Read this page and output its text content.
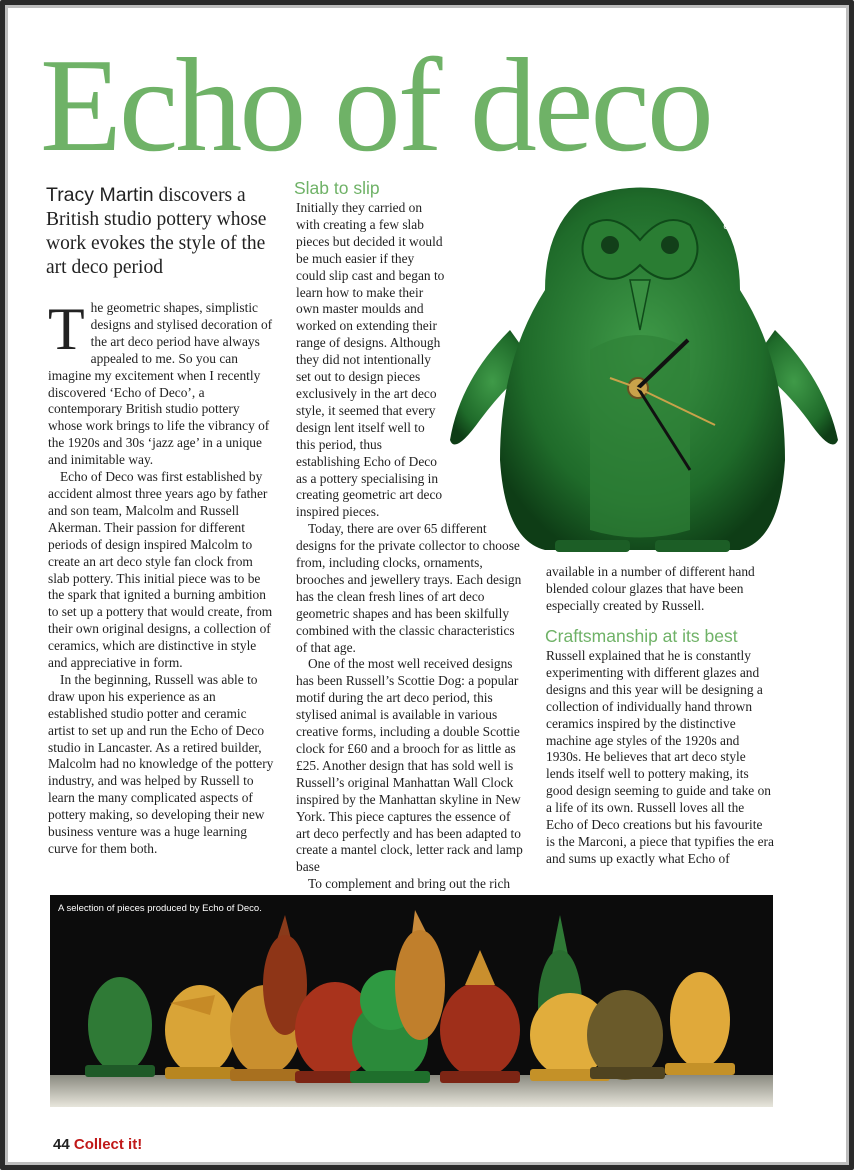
Echo of deco
Tracy Martin discovers a British studio pottery whose work evokes the style of the art deco period

The geometric shapes, simplistic designs and stylised decoration of the art deco period have always appealed to me. So you can imagine my excitement when I recently discovered ‘Echo of Deco’, a contemporary British studio pottery whose work brings to life the vibrancy of the 1920s and 30s ‘jazz age’ in a unique and inimitable way.

Echo of Deco was first established by accident almost three years ago by father and son team, Malcolm and Russell Akerman. Their passion for different periods of design inspired Malcolm to create an art deco style fan clock from slab pottery. This initial piece was to be the spark that ignited a burning ambition to set up a pottery that would create, from their own original designs, a collection of ceramics, which are distinctive in style and appreciative in form.

In the beginning, Russell was able to draw upon his experience as an established studio potter and ceramic artist to set up and run the Echo of Deco studio in Lancaster. As a retired builder, Malcolm had no knowledge of the pottery industry, and was helped by Russell to learn the many complicated aspects of pottery making, so developing their new business venture was a huge learning curve for them both.

Slab to slip

Initially they carried on with creating a few slab pieces but decided it would be much easier if they could slip cast and began to learn how to make their own master moulds and worked on extending their range of designs. Although they did not intentionally set out to design pieces exclusively in the art deco style, it seemed that every design lent itself well to this period, thus establishing Echo of Deco as a pottery specialising in creating geometric art deco inspired pieces.

Today, there are over 65 different designs for the private collector to choose from, including clocks, ornaments, brooches and jewellery trays. Each design has the clean fresh lines of art deco geometric shapes and has been skilfully combined with the classic characteristics of that age.

One of the most well received designs has been Russell’s Scottie Dog: a popular motif during the art deco period, this stylised animal is available in various creative forms, including a double Scottie clock for £60 and a brooch for as little as £25. Another design that has sold well is Russell’s original Manhattan Wall Clock inspired by the Manhattan skyline in New York. This piece captures the essence of art deco perfectly and has been adapted to create a mantel clock, letter rack and lamp base

To complement and bring out the rich

The Penguin Clock costs £60 and the ornament is £25.

available in a number of different hand blended colour glazes that have been especially created by Russell.

Craftsmanship at its best

Russell explained that he is constantly experimenting with different glazes and designs and this year will be designing a collection of individually hand thrown ceramics inspired by the distinctive machine age styles of the 1920s and 1930s. He believes that art deco style lends itself well to pottery making, its good design seeming to guide and take on a life of its own. Russell loves all the Echo of Deco creations but his favourite is the Marconi, a piece that typifies the era and sums up exactly what Echo of

A selection of pieces produced by Echo of Deco.
44 Collect it!
